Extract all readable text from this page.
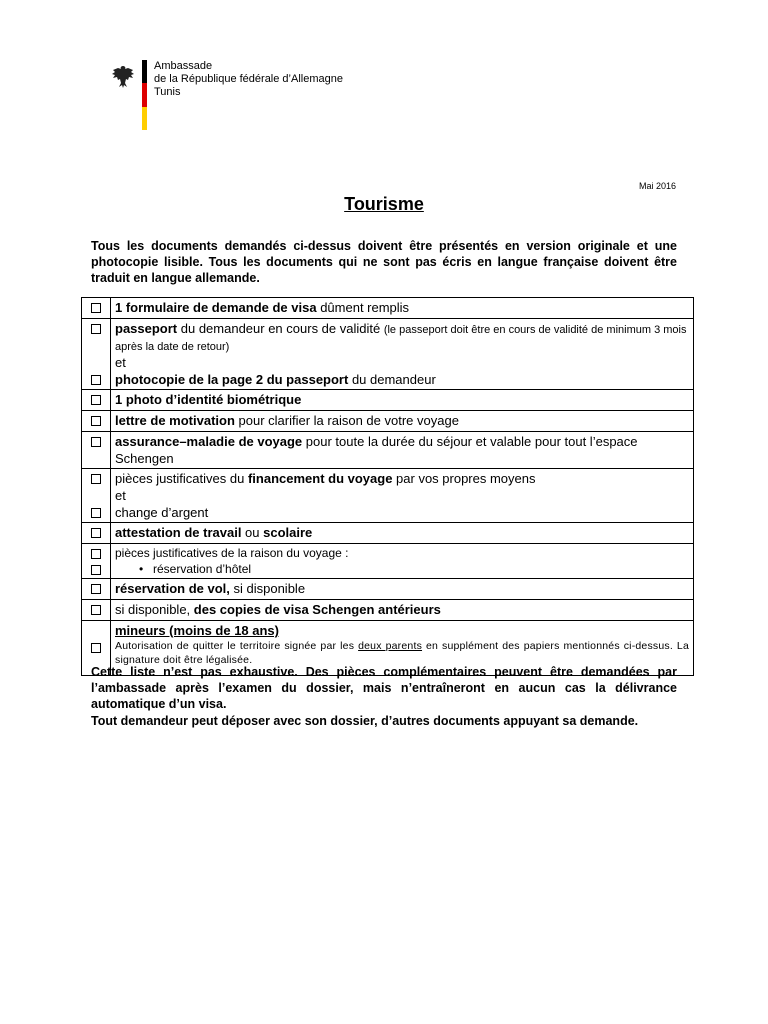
Ambassade
de la République fédérale d’Allemagne
Tunis
Mai 2016
Tourisme
Tous les documents demandés ci-dessus doivent être présentés en version originale et une photocopie lisible. Tous les documents qui ne sont pas écris en langue française doivent être traduit en langue allemande.
	1 formulaire de demande de visa dûment remplis

	passeport du demandeur en cours de validité (le passeport doit être en cours de validité de minimum 3 mois après la date de retour)
et
photocopie de la page 2 du passeport du demandeur

	1 photo d’identité biométrique
	lettre de motivation pour clarifier la raison de votre voyage
	assurance–maladie de voyage pour toute la durée du séjour et valable pour tout l’espace Schengen

	pièces justificatives du financement du voyage par vos propres moyens
et
change d’argent

	attestation de travail ou scolaire

	pièces justificatives de la raison du voyage :
• réservation d’hôtel

	réservation de vol, si disponible
	si disponible, des copies de visa Schengen antérieurs

	mineurs (moins de 18 ans)
Autorisation de quitter le territoire signée par les deux parents en supplément des papiers mentionnés ci-dessus. La signature doit être légalisée.
Cette liste n’est pas exhaustive. Des pièces complémentaires peuvent être demandées par l’ambassade après l’examen du dossier, mais n’entraîneront en aucun cas la délivrance automatique d’un visa.
Tout demandeur peut déposer avec son dossier, d’autres documents appuyant sa demande.
